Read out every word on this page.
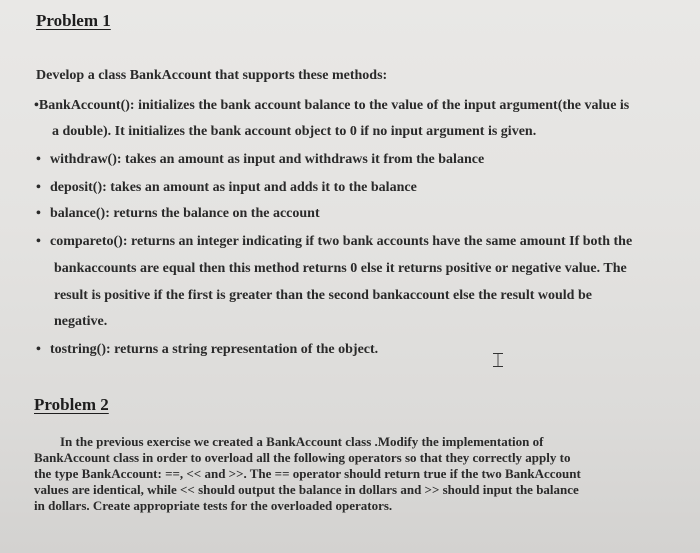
Problem 1
Develop a class BankAccount that supports these methods:
•BankAccount(): initializes the bank account balance to the value of the input argument(the value is
a double). It initializes the bank account object to 0 if no input argument is given.
• withdraw(): takes an amount as input and withdraws it from the balance
• deposit(): takes an amount as input and adds it to the balance
• balance(): returns the balance on the account
• compareto(): returns an integer indicating if two bank accounts have the same amount If both the
bankaccounts are equal then this method returns 0 else it returns positive or negative value. The
result is positive if the first is greater than the second bankaccount else the result would be
negative.
• tostring(): returns a string representation of the object.	⌶
Problem 2
In the previous exercise we created a BankAccount class .Modify the implementation of
BankAccount class in order to overload all the following operators so that they correctly apply to
the type BankAccount: ==, << and >>. The == operator should return true if the two BankAccount
values are identical, while << should output the balance in dollars and >> should input the balance
in dollars. Create appropriate tests for the overloaded operators.
